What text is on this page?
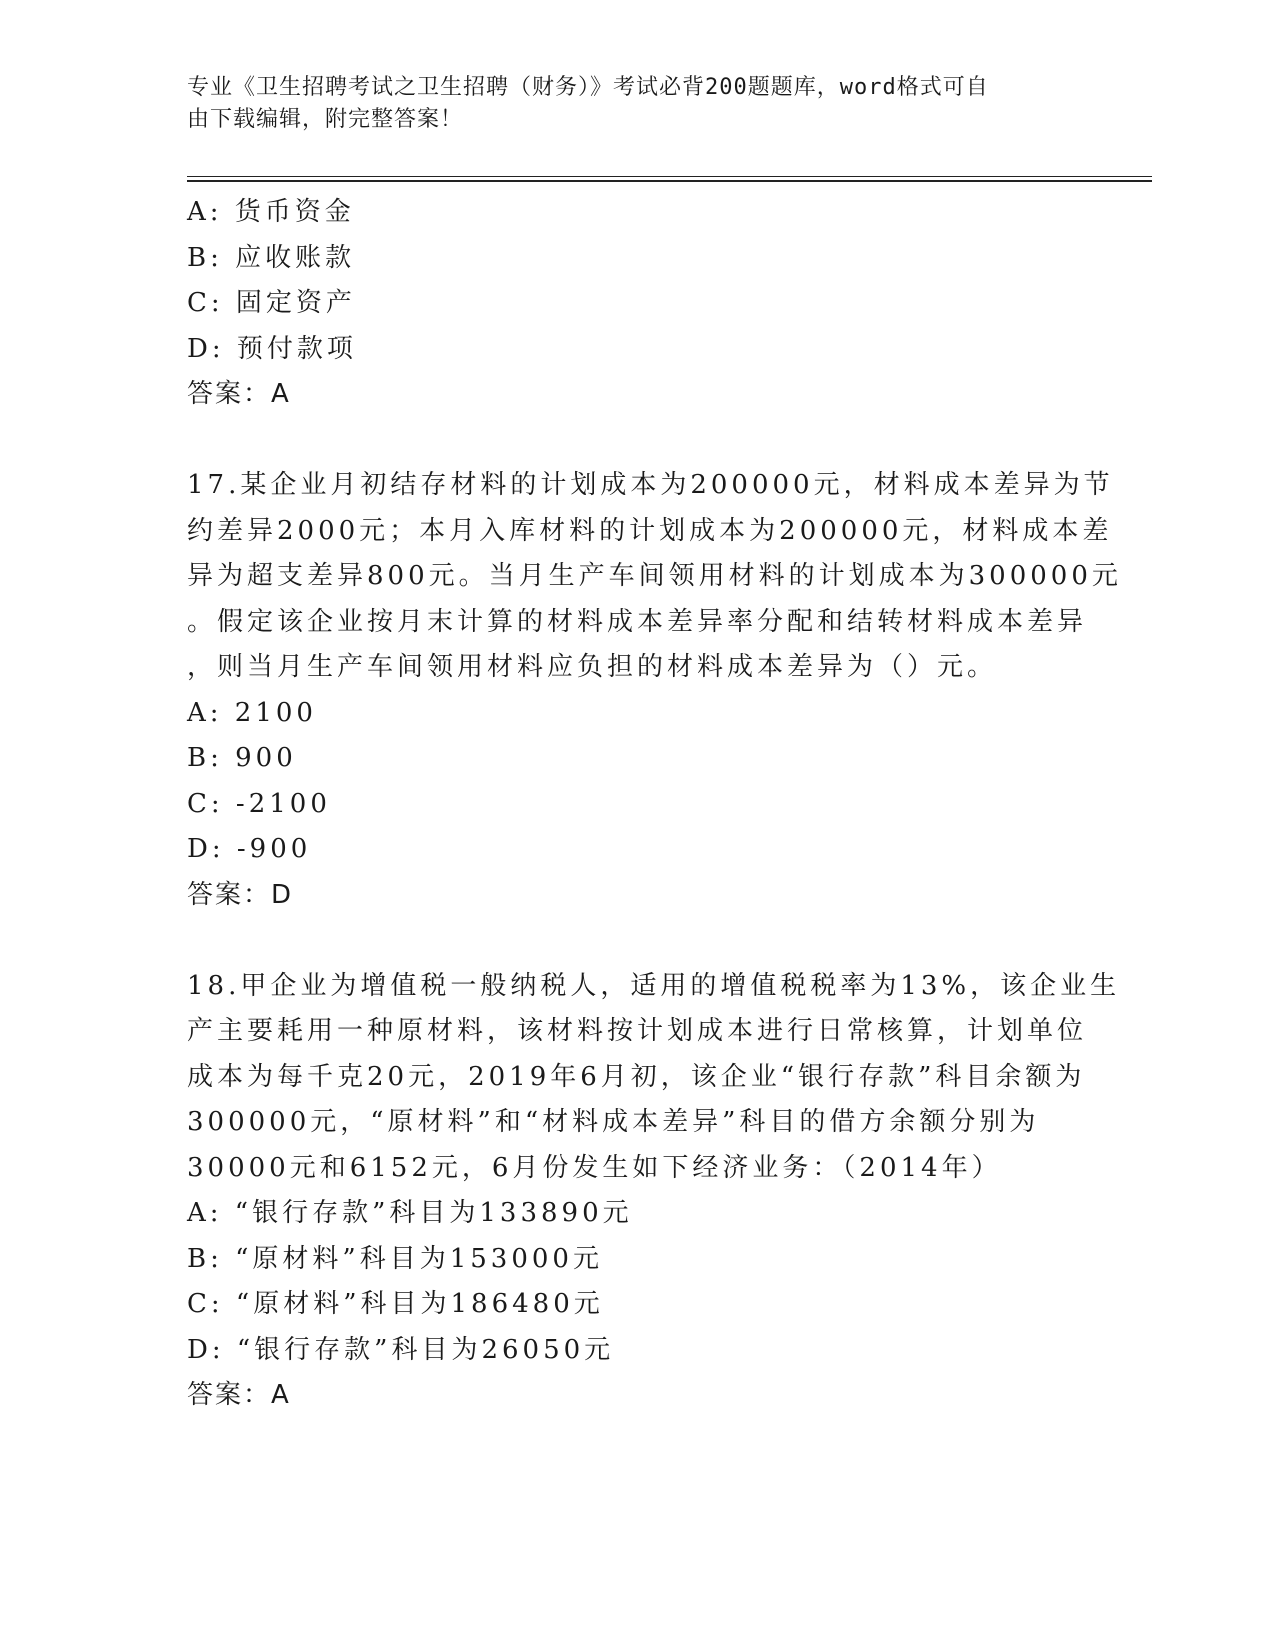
专业《卫生招聘考试之卫生招聘（财务）》考试必背200题题库，word格式可自
由下载编辑，附完整答案！
A: 货币资金
B: 应收账款
C: 固定资产
D: 预付款项
答案：A
17.某企业月初结存材料的计划成本为200000元，材料成本差异为节
约差异2000元；本月入库材料的计划成本为200000元，材料成本差
异为超支差异800元。当月生产车间领用材料的计划成本为300000元
。假定该企业按月末计算的材料成本差异率分配和结转材料成本差异
，则当月生产车间领用材料应负担的材料成本差异为（）元。
A: 2100
B: 900
C: -2100
D: -900
答案：D
18.甲企业为增值税一般纳税人，适用的增值税税率为13%，该企业生
产主要耗用一种原材料，该材料按计划成本进行日常核算，计划单位
成本为每千克20元，2019年6月初，该企业“银行存款”科目余额为
300000元，“原材料”和“材料成本差异”科目的借方余额分别为
30000元和6152元，6月份发生如下经济业务：（2014年）
A: “银行存款”科目为133890元
B: “原材料”科目为153000元
C: “原材料”科目为186480元
D: “银行存款”科目为26050元
答案：A
